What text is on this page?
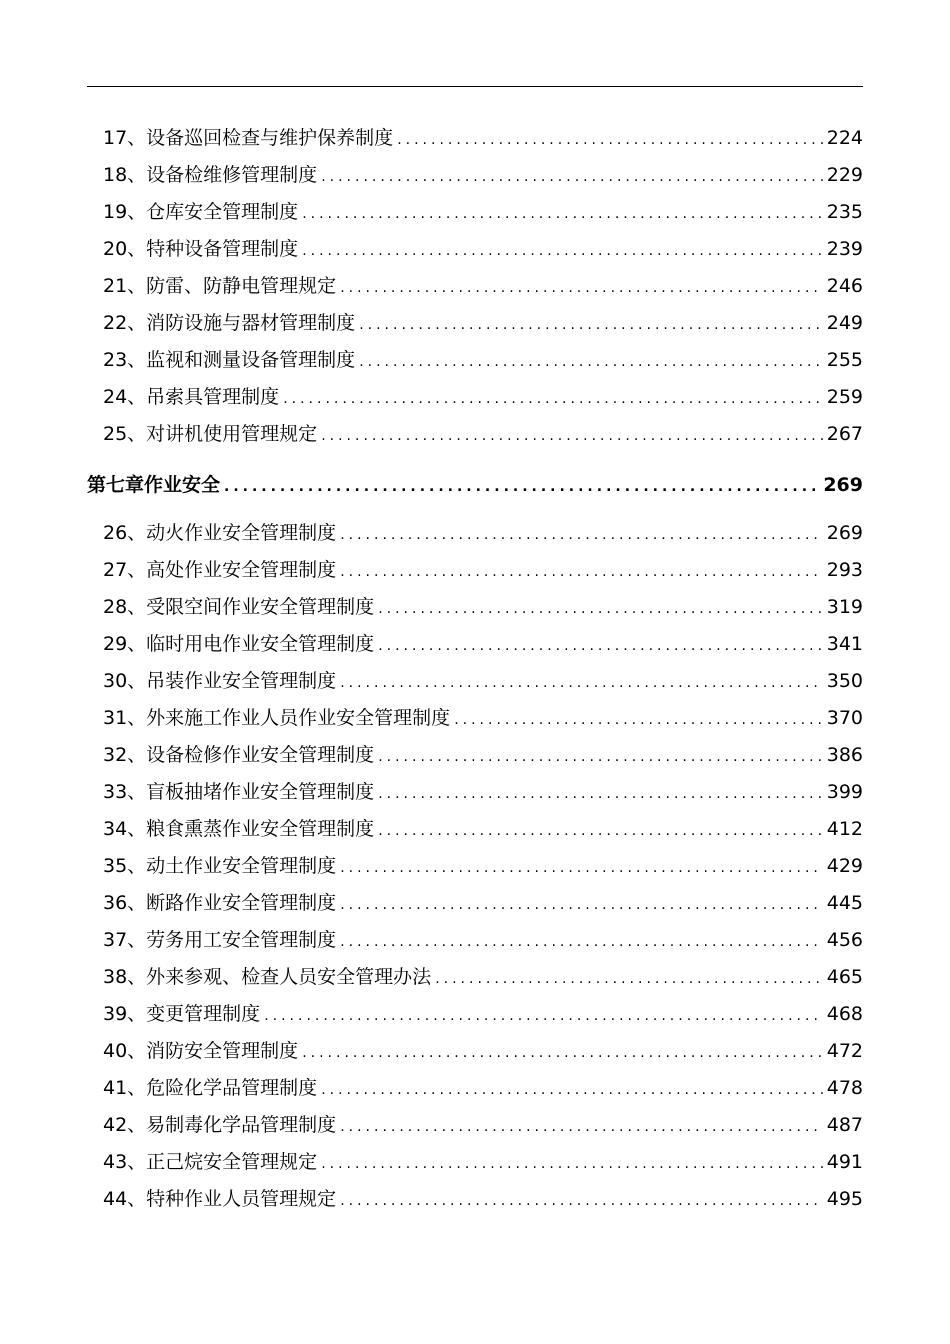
17、设备巡回检查与维护保养制度 .....	224
18、设备检维修管理制度 .....	229
19、仓库安全管理制度 .....	235
20、特种设备管理制度 .....	239
21、防雷、防静电管理规定 .....	246
22、消防设施与器材管理制度 .....	249
23、监视和测量设备管理制度 .....	255
24、吊索具管理制度 .....	259
25、对讲机使用管理规定 .....	267
第七章作业安全 .....	269
26、动火作业安全管理制度 .....	269
27、高处作业安全管理制度 .....	293
28、受限空间作业安全管理制度 .....	319
29、临时用电作业安全管理制度 .....	341
30、吊装作业安全管理制度 .....	350
31、外来施工作业人员作业安全管理制度 .....	370
32、设备检修作业安全管理制度 .....	386
33、盲板抽堵作业安全管理制度 .....	399
34、粮食熏蒸作业安全管理制度 .....	412
35、动土作业安全管理制度 .....	429
36、断路作业安全管理制度 .....	445
37、劳务用工安全管理制度 .....	456
38、外来参观、检查人员安全管理办法 .....	465
39、变更管理制度 .....	468
40、消防安全管理制度 .....	472
41、危险化学品管理制度 .....	478
42、易制毒化学品管理制度 .....	487
43、正己烷安全管理规定 .....	491
44、特种作业人员管理规定 .....	495
